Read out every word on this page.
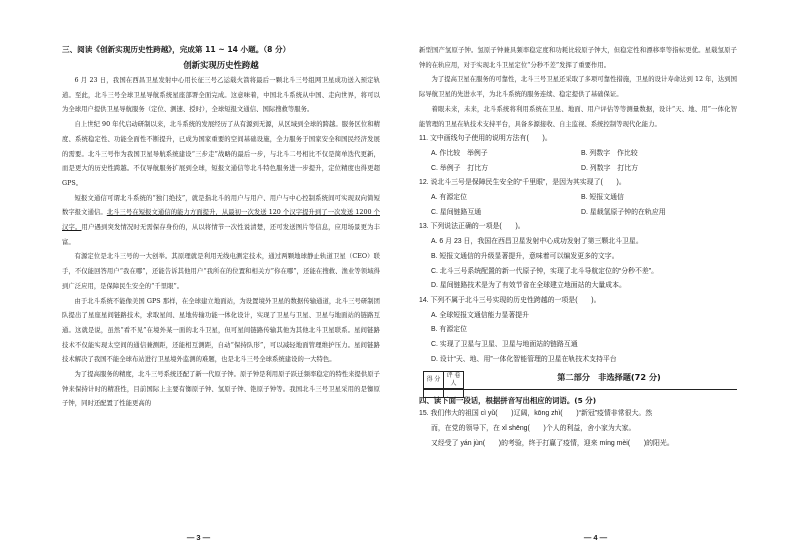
三、阅读《创新实现历史性跨越》，完成第 11 ~ 14 小题。（8 分）

创新实现历史性跨越

6 月 23 日，我国在西昌卫星发射中心用长征三号乙运载火箭将最后一颗北斗三号组网卫星成功送入预定轨道。至此，北斗三号全球卫星导航系统星座部署全面完成。这意味着，中国北斗系统从中国、走向世界，将可以为全球用户提供卫星导航服务（定位、测速、授时），全球短报文通信、国际搜救等服务。

自上世纪 90 年代启动研制以来，北斗系统的发展经历了从有源到无源，从区域到全球的跨越。服务区位和精度、系统稳定性、功能全面性不断提升，已成为国家重要的空间基础设施，全力服务于国家安全和国民经济发展的需要。北斗三号作为我国卫星导航系统建设“三步走”战略的最后一步，与北斗二号相比不仅是简单迭代更新，而是更大的历史性跨越。不仅导航服务扩展到全球，短报文通信等北斗特色服务进一步提升，定位精度也得更超 GPS。

短报文通信可谓北斗系统的“独门绝技”，就是指北斗的用户与用户、用户与中心控制系统间可实现双向简短数字报文通信。北斗三号在短报文通信的能力方面提升，从最初一次发送 120 个汉字提升到了一次发送 1200 个汉字。用户遇到突发情况时无需保存身份的，从以将情节一次性说清楚，还可发送图片等信息，应用场景更为丰富。

有源定位是北斗三号的一大创举。其原理就是利用无线电测定技术，通过两颗地球静止轨道卫星（CEO）联手，不仅能回答用户“我在哪”，还能告诉其他用户“我所在的位置和相关方”你在哪”，还能在搜救、渔业等领域得到广泛应用，是保障民生安全的“千里眼”。

由于北斗系统不能像美国 GPS 那样，在全球建立地面站，为设置境外卫星的数据传输通道，北斗三号研制团队提出了星座星间链路技术，求取星间、星地传输功能一体化设计，实现了卫星与卫星、卫星与地面站的链路互通。这就是说，虽然“看不见”在境外某一面的北斗卫星，但可星间链路传输其他为其他北斗卫星联系。星间链路技术不仅能实现太空间的通信兼测距，还能相互测距，自动“保持队形”，可以减轻地面管理维护压力。星间链路技术解决了我国不能全球布站进行卫星境外监测的难题，也是北斗三号全球系统建设的一大特色。

为了提高服务的精度，北斗三号系统还配了新一代原子钟。原子钟是利用原子跃迁频率稳定的特性来提供原子钟来保持计时的精准性，目前国际上主要有铷原子钟、氢原子钟、铯原子钟等。我国北斗三号卫星采用的是铷原子钟，同时还配置了性能更高的

— 3 —

新型国产氢原子钟。氢原子钟兼具频率稳定度和功耗比较原子钟大，但稳定性和漂移率等指标更优。星载氢原子钟的在轨应用，对于实现北斗卫星定位“分秒不差”发挥了重要作用。

为了提高卫星在服务的可靠性，北斗三号卫星还采取了多项可靠性措施，卫星的设计寿命达到 12 年，达到国际导航卫星的先进水平，为北斗系统的服务连续、稳定提供了基础保证。

着眼未来，未来，北斗系统将利用系统在卫星、地面、用户评估等等测量数据，设计“天、地、用”一体化智能管理的卫星在轨技术支持平台，具备多源接收、自主监视、系统控制等现代化能力。

11. 文中画线句子使用的说明方法有(　　)。

A. 作比较　举例子	B. 列数字　作比较
C. 举例子　打比方	D. 列数字　打比方

12. 说北斗三号是保障民生安全的“千里眼”，是因为其实现了(　　)。

A. 有源定位	B. 短报文通信
C. 星间链路互通	D. 星载氢原子钟的在轨应用

13. 下列说法正确的一项是(　　)。

A. 6 月 23 日，我国在西昌卫星发射中心成功发射了第三颗北斗卫星。

B. 短报文通信的升级显著提升，意味着可以编发更多的文字。

C. 北斗三号系统配置的新一代原子钟，实现了北斗导航定位的“分秒不差”。

D. 星间链路技术是为了有效节省在全球建立地面站的大量成本。

14. 下列不属于北斗三号实现的历史性跨越的一项是(　　)。

A. 全球短报文通信能力显著提升

B. 有源定位

C. 实现了卫星与卫星、卫星与地面站的链路互通

D. 设计“天、地、用”一体化智能管理的卫星在轨技术支持平台

得 分	评 卷 人

第二部分　非选择题(72 分)

四、读下面一段话，根据拼音写出相应的词语。(5 分)

15. 我们伟大的祖国 cì yǔ(　　)辽阔，kōng zhì(　　)“新冠”疫情非常很大。然

而，在党的领导下，在 xǐ shēng(　　)个人的利益，舍小家为大家。

又经受了 yán jùn(　　)的考验，终于打赢了疫情，迎来 míng mèi(　　)的阳光。

— 4 —
